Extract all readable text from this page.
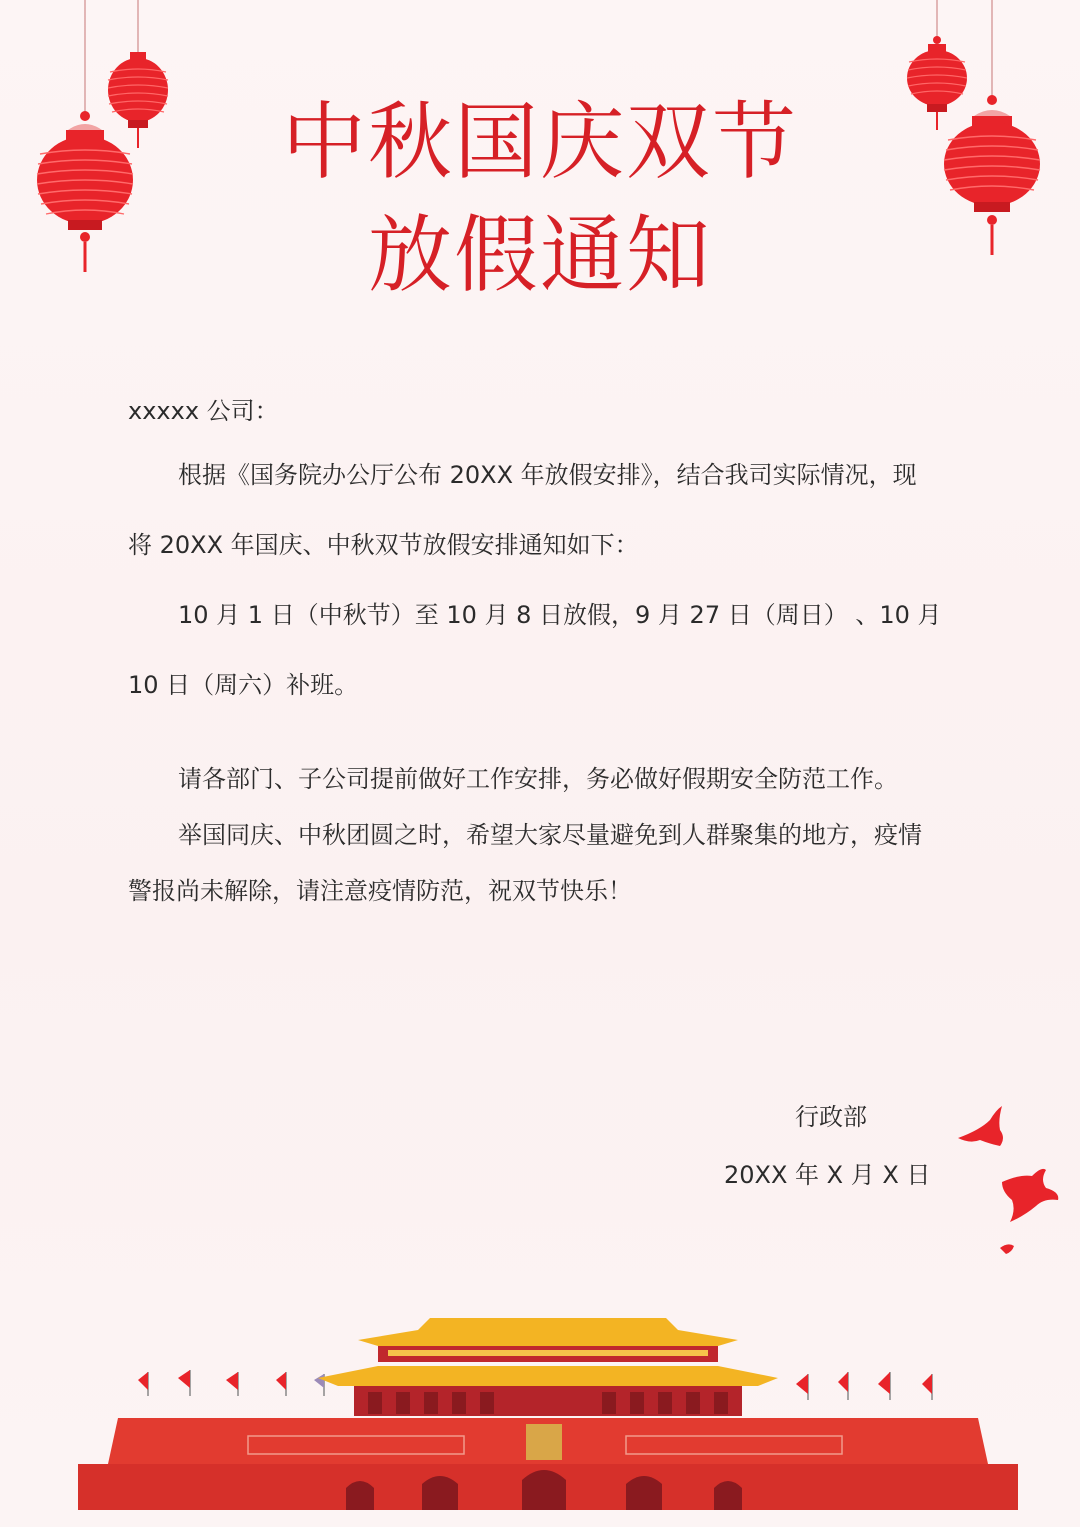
中秋国庆双节
放假通知
xxxxx 公司：
根据《国务院办公厅公布 20XX 年放假安排》，结合我司实际情况，现
将 20XX 年国庆、中秋双节放假安排通知如下：
10 月 1 日（中秋节）至 10 月 8 日放假，9 月 27 日（周日） 、10 月
10 日（周六）补班。
请各部门、子公司提前做好工作安排，务必做好假期安全防范工作。
举国同庆、中秋团圆之时，希望大家尽量避免到人群聚集的地方，疫情
警报尚未解除，请注意疫情防范，祝双节快乐！
行政部
20XX 年 X 月 X 日
